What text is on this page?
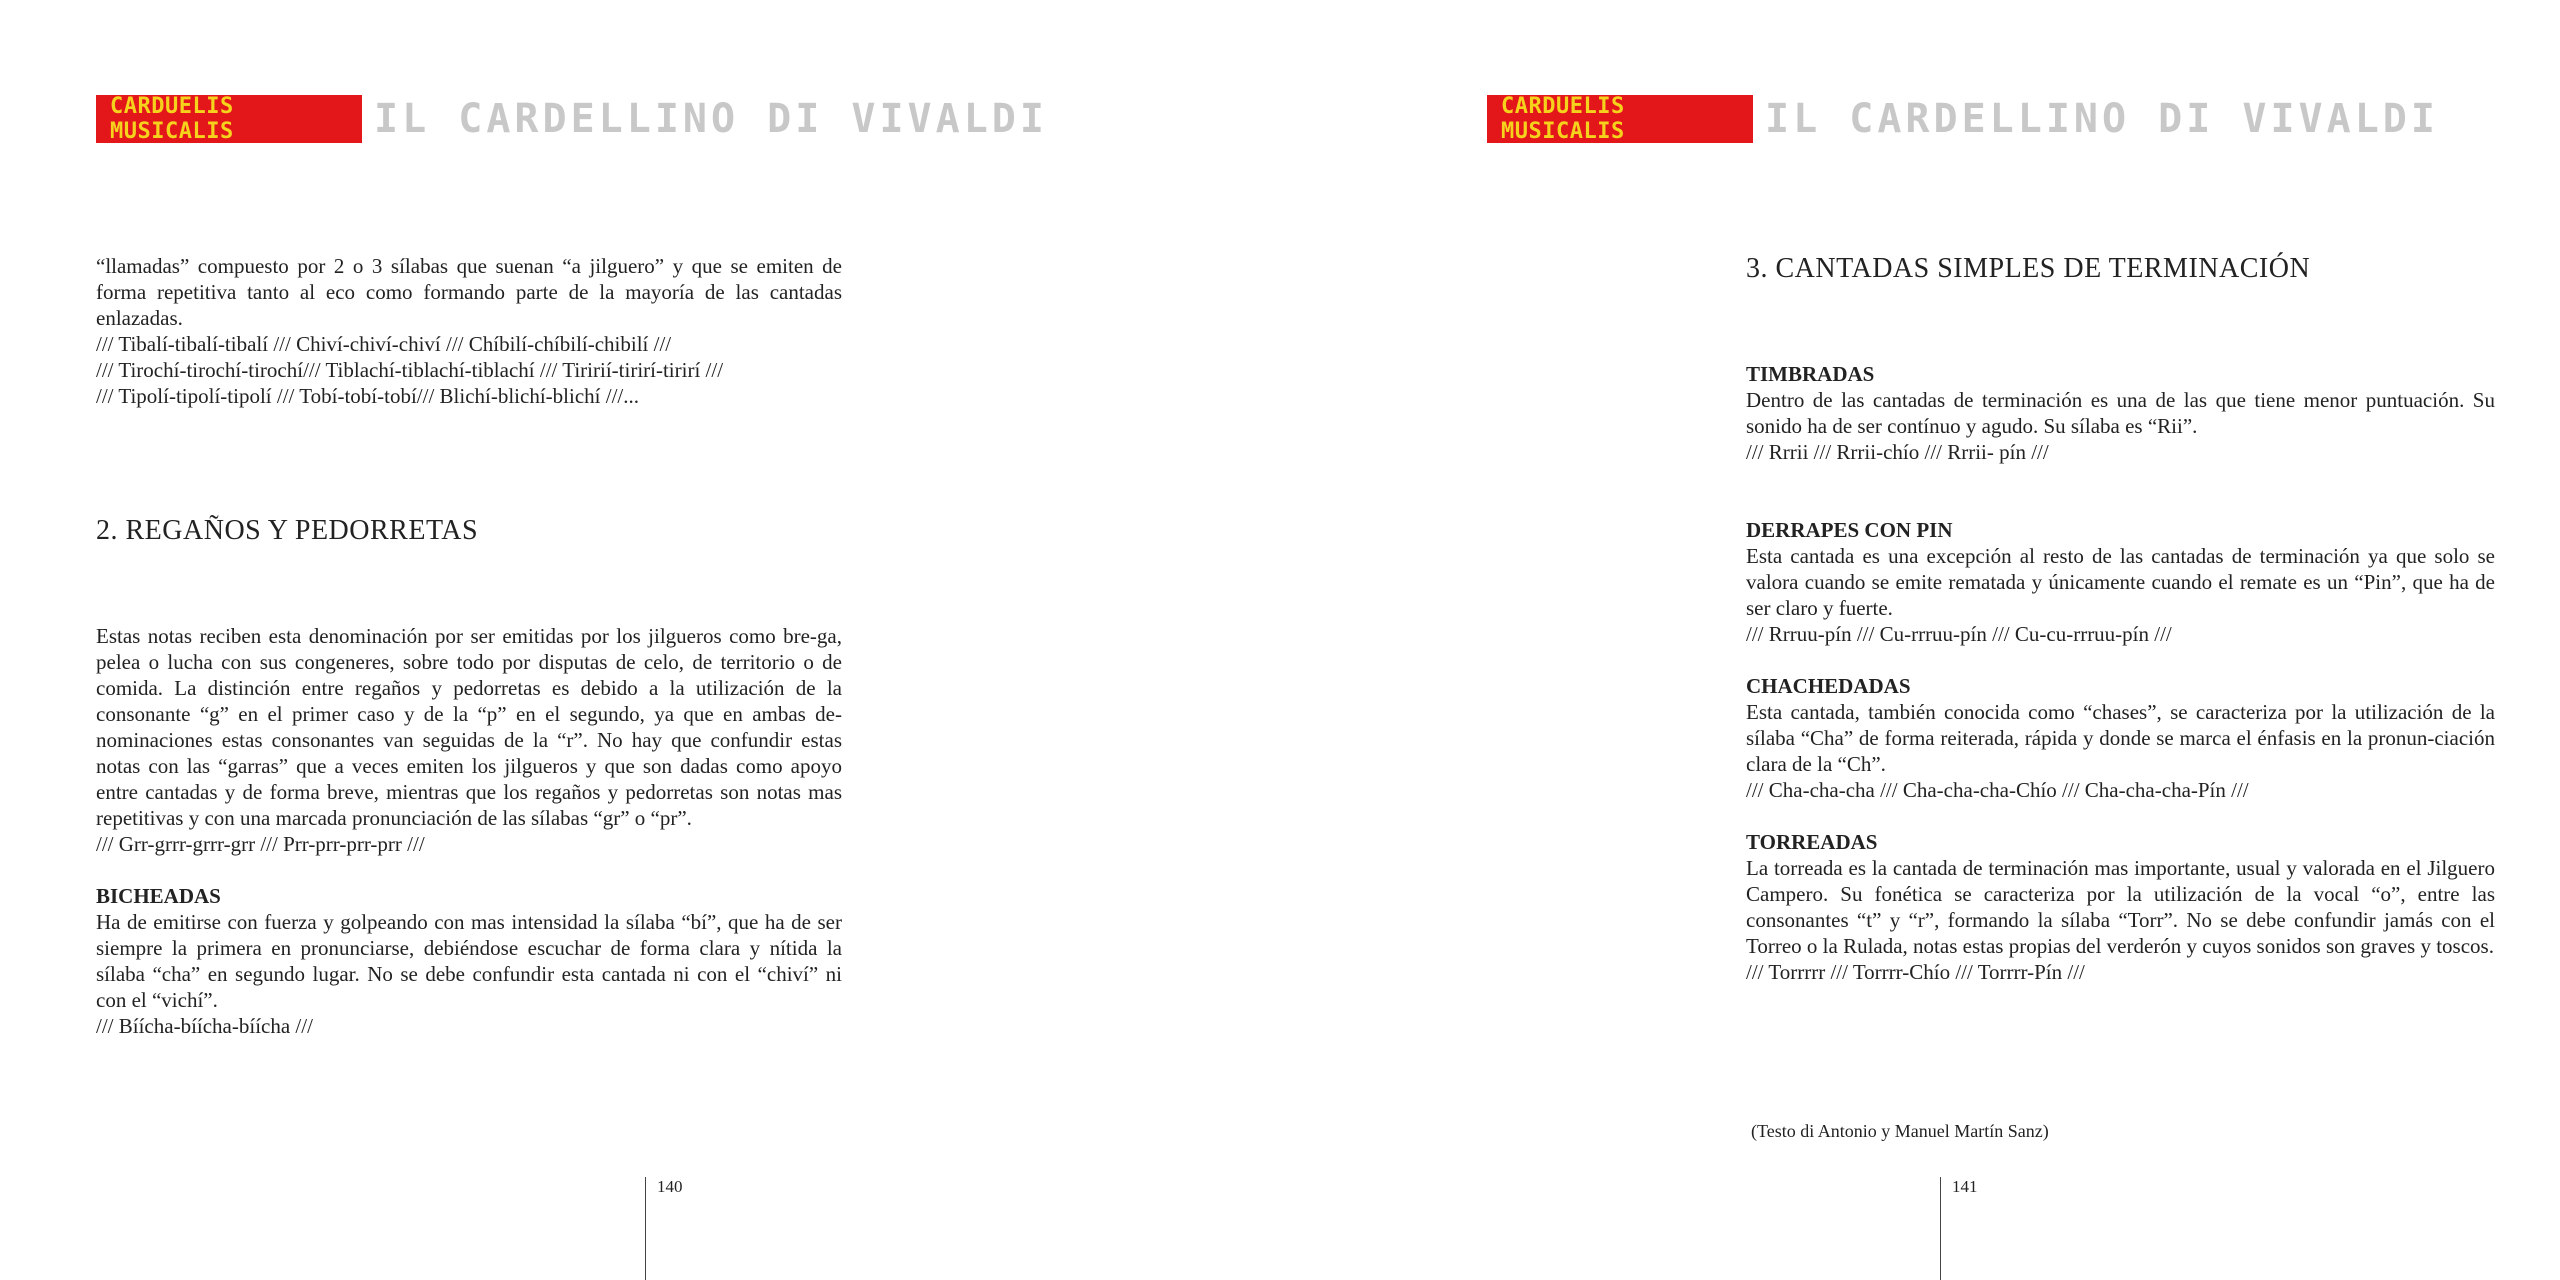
CARDUELIS MUSICALIS	IL CARDELLINO DI VIVALDI

“llamadas” compuesto por 2 o 3 sílabas que suenan “a jilguero” y que se emiten de forma repetitiva tanto al eco como formando parte de la mayoría de las cantadas enlazadas.

/// Tibalí-tibalí-tibalí /// Chiví-chiví-chiví /// Chíbilí-chíbilí-chibilí ///
/// Tirochí-tirochí-tirochí/// Tiblachí-tiblachí-tiblachí /// Tiririí-tirirí-tirirí ///
/// Tipolí-tipolí-tipolí /// Tobí-tobí-tobí/// Blichí-blichí-blichí ///...
2. REGAÑOS Y PEDORRETAS

Estas notas reciben esta denominación por ser emitidas por los jilgueros como bre-ga, pelea o lucha con sus congeneres, sobre todo por disputas de celo, de territorio o de comida. La distinción entre regaños y pedorretas es debido a la utilización de la consonante “g” en el primer caso y de la “p” en el segundo, ya que en ambas de-nominaciones estas consonantes van seguidas de la “r”. No hay que confundir estas notas con las “garras” que a veces emiten los jilgueros y que son dadas como apoyo entre cantadas y de forma breve, mientras que los regaños y pedorretas son notas mas repetitivas y con una marcada pronunciación de las sílabas “gr” o “pr”.

/// Grr-grrr-grrr-grr /// Prr-prr-prr-prr ///
BICHEADAS

Ha de emitirse con fuerza y golpeando con mas intensidad la sílaba “bí”, que ha de ser siempre la primera en pronunciarse, debiéndose escuchar de forma clara y nítida la sílaba “cha” en segundo lugar. No se debe confundir esta cantada ni con el “chiví” ni con el “vichí”.

/// Bíícha-bíícha-bíícha ///
140
CARDUELIS MUSICALIS	IL CARDELLINO DI VIVALDI
3. CANTADAS SIMPLES DE TERMINACIÓN
TIMBRADAS

Dentro de las cantadas de terminación es una de las que tiene menor puntuación. Su sonido ha de ser contínuo y agudo. Su sílaba es “Rii”.

/// Rrrii /// Rrrii-chío /// Rrrii- pín ///
DERRAPES CON PIN

Esta cantada es una excepción al resto de las cantadas de terminación ya que solo se valora cuando se emite rematada y únicamente cuando el remate es un “Pin”, que ha de ser claro y fuerte.

/// Rrruu-pín /// Cu-rrruu-pín /// Cu-cu-rrruu-pín ///
CHACHEDADAS

Esta cantada, también conocida como “chases”, se caracteriza por la utilización de la sílaba “Cha” de forma reiterada, rápida y donde se marca el énfasis en la pronun-ciación clara de la “Ch”.

/// Cha-cha-cha /// Cha-cha-cha-Chío /// Cha-cha-cha-Pín ///
TORREADAS

La torreada es la cantada de terminación mas importante, usual y valorada en el Jilguero Campero. Su fonética se caracteriza por la utilización de la vocal “o”, entre las consonantes “t” y “r”, formando la sílaba “Torr”. No se debe confundir jamás con el Torreo o la Rulada, notas estas propias del verderón y cuyos sonidos son graves y toscos.

/// Torrrrr /// Torrrr-Chío /// Torrrr-Pín ///
(Testo di Antonio y Manuel Martín Sanz)
141
